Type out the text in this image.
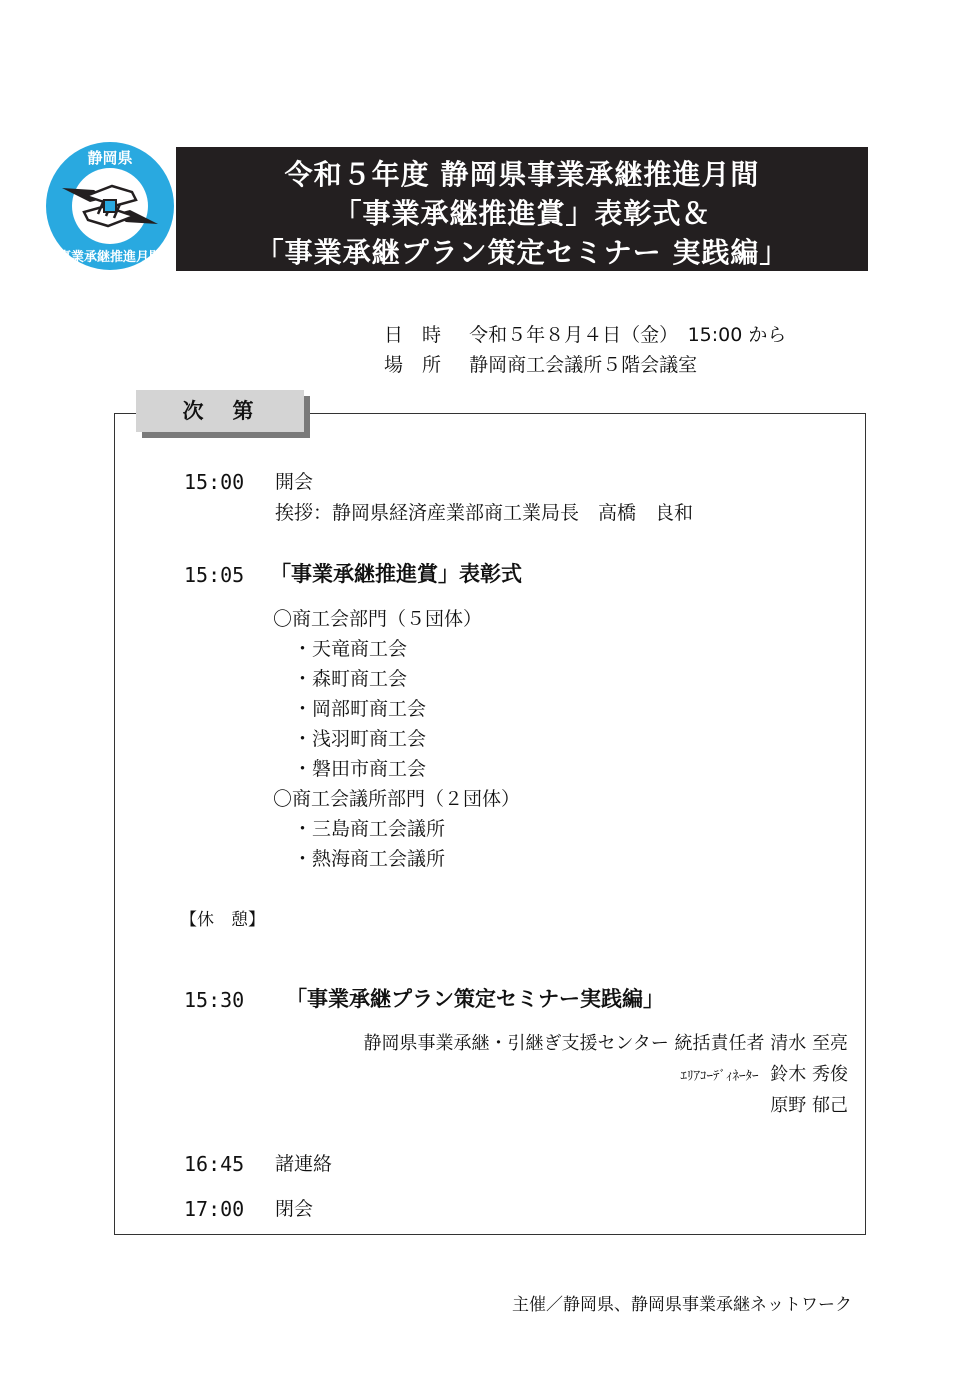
静岡県
事業承継推進月間
令和５年度 静岡県事業承継推進月間
「事業承継推進賞」表彰式＆
「事業承継プラン策定セミナー 実践編」
日　時 令和５年８月４日（金）　15:00 から
場　所 静岡商工会議所５階会議室
次　第
15:00 開会
挨拶：静岡県経済産業部商工業局長　高橋　良和
15:05 「事業承継推進賞」表彰式
〇商工会部門（５団体）
・天竜商工会
・森町商工会
・岡部町商工会
・浅羽町商工会
・磐田市商工会
〇商工会議所部門（２団体）
・三島商工会議所
・熱海商工会議所
【休　憩】
15:30 「事業承継プラン策定セミナー実践編」
静岡県事業承継・引継ぎ支援センター 統括責任者 清水 至亮
ｴﾘｱｺｰﾃﾞｨﾈｰﾀｰ 鈴木 秀俊
原野 郁己
16:45 諸連絡
17:00 閉会
主催／静岡県、静岡県事業承継ネットワーク
